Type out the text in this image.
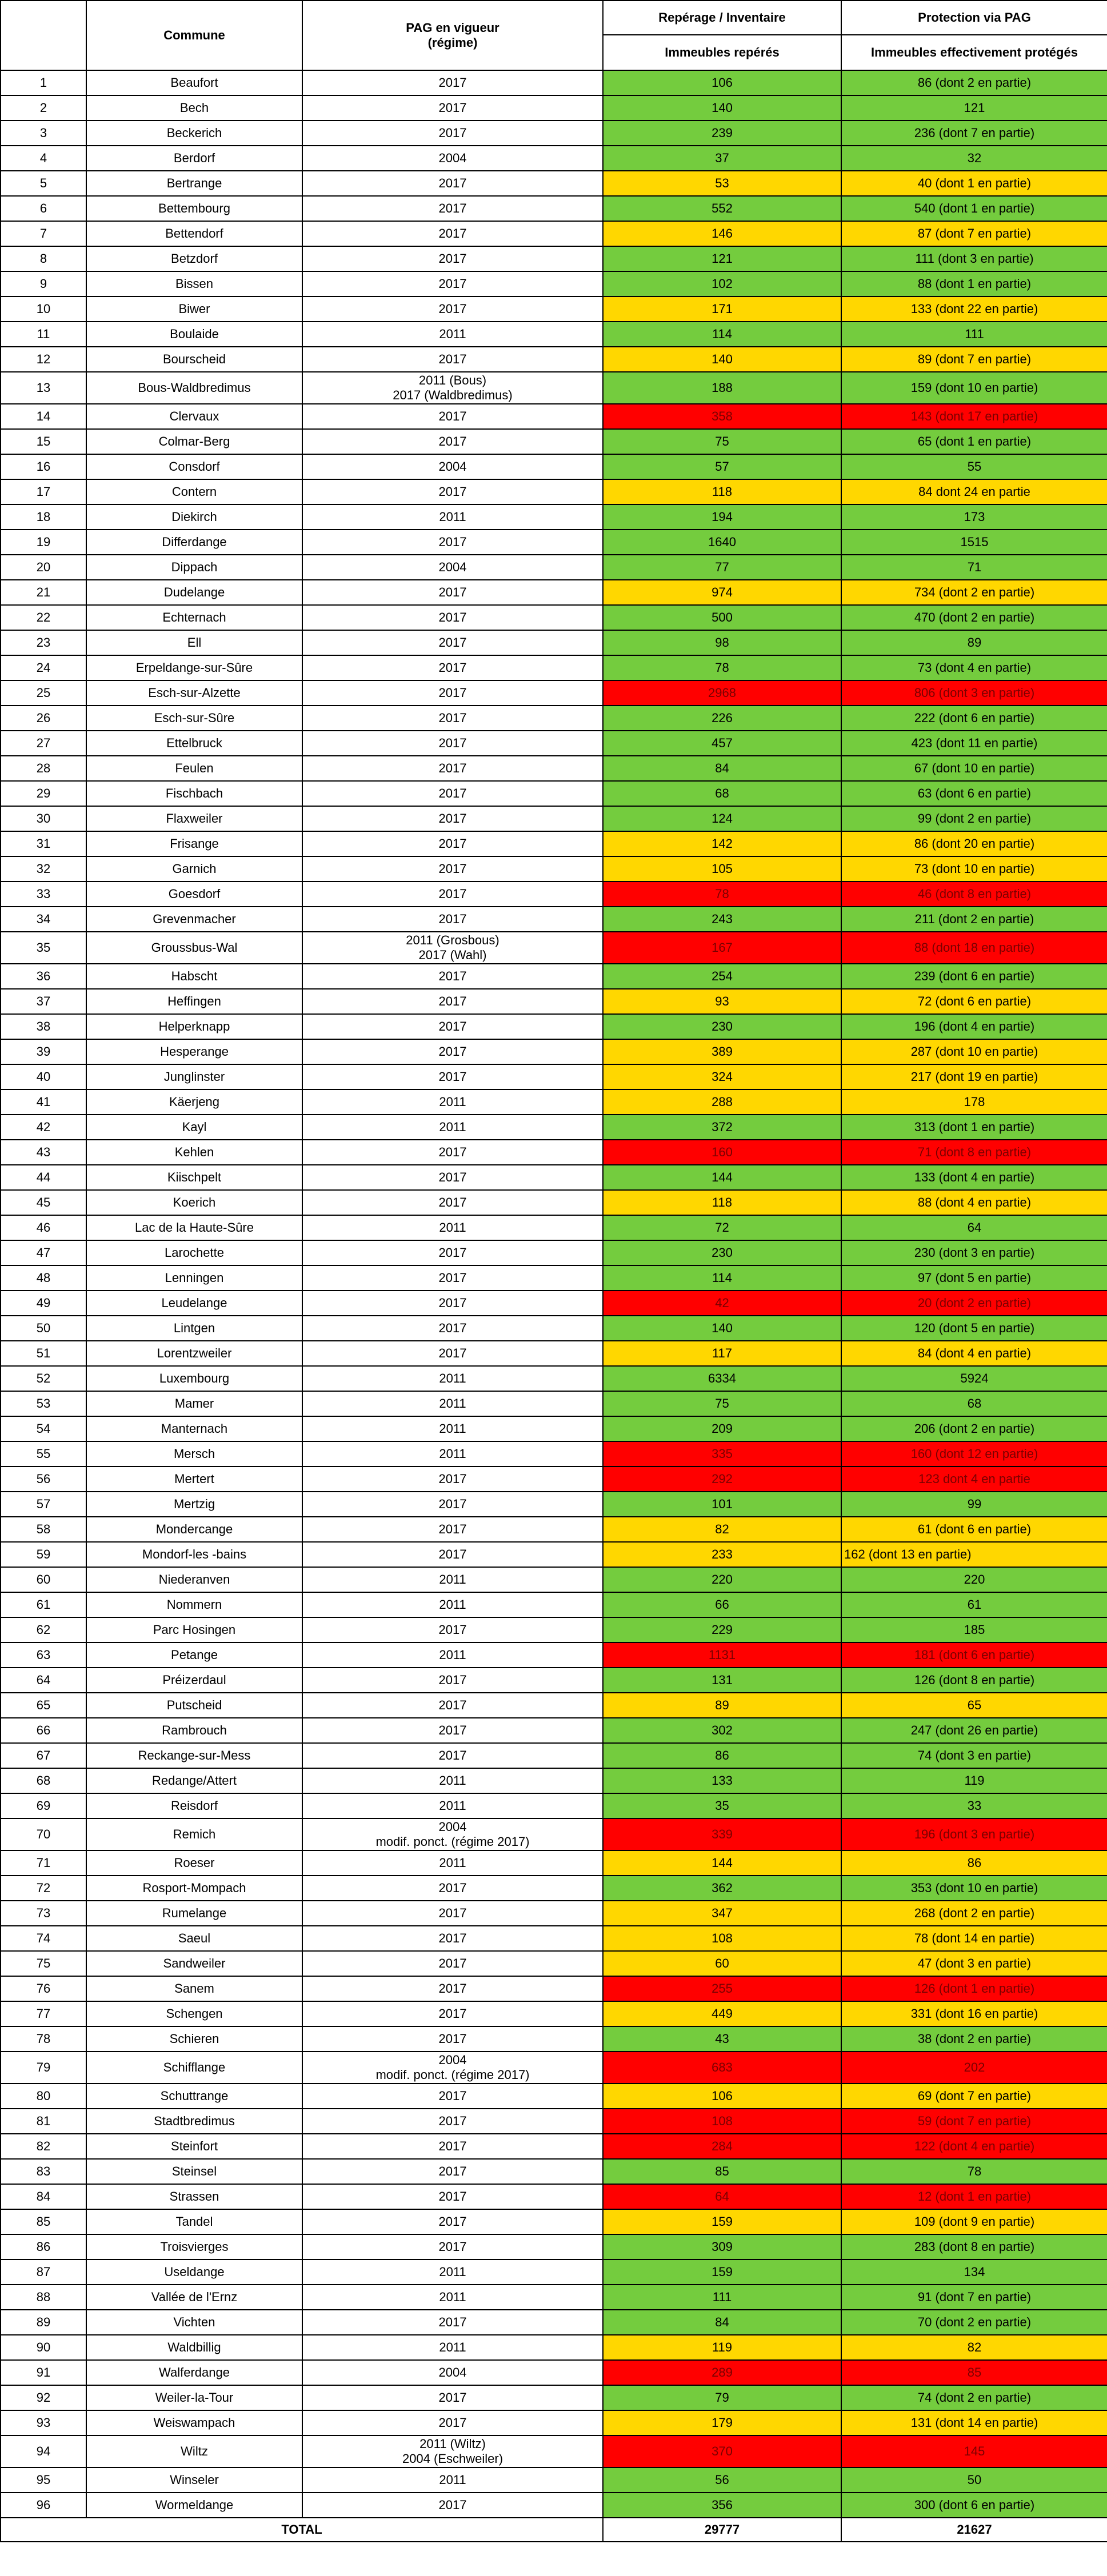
	Commune	PAG en vigueur
(régime)	Repérage / Inventaire	Protection via PAG
			Immeubles repérés	Immeubles effectivement protégés
1	Beaufort	2017	106	86 (dont 2 en partie)
2	Bech	2017	140	121
3	Beckerich	2017	239	236 (dont 7 en partie)
4	Berdorf	2004	37	32
5	Bertrange	2017	53	40 (dont 1 en partie)
6	Bettembourg	2017	552	540 (dont 1 en partie)
7	Bettendorf	2017	146	87 (dont 7 en partie)
8	Betzdorf	2017	121	111 (dont 3 en partie)
9	Bissen	2017	102	88 (dont 1 en partie)
10	Biwer	2017	171	133 (dont 22 en partie)
11	Boulaide	2011	114	111
12	Bourscheid	2017	140	89 (dont 7 en partie)
13	Bous-Waldbredimus	2011 (Bous)
2017 (Waldbredimus)	188	159 (dont 10 en partie)
14	Clervaux	2017	358	143 (dont 17 en partie)
15	Colmar-Berg	2017	75	65 (dont 1 en partie)
16	Consdorf	2004	57	55
17	Contern	2017	118	84 dont 24 en partie
18	Diekirch	2011	194	173
19	Differdange	2017	1640	1515
20	Dippach	2004	77	71
21	Dudelange	2017	974	734 (dont 2 en partie)
22	Echternach	2017	500	470 (dont 2 en partie)
23	Ell	2017	98	89
24	Erpeldange-sur-Sûre	2017	78	73 (dont 4 en partie)
25	Esch-sur-Alzette	2017	2968	806 (dont 3 en partie)
26	Esch-sur-Sûre	2017	226	222 (dont 6 en partie)
27	Ettelbruck	2017	457	423 (dont 11 en partie)
28	Feulen	2017	84	67 (dont 10 en partie)
29	Fischbach	2017	68	63 (dont 6 en partie)
30	Flaxweiler	2017	124	99 (dont 2 en partie)
31	Frisange	2017	142	86 (dont 20 en partie)
32	Garnich	2017	105	73 (dont 10 en partie)
33	Goesdorf	2017	78	46 (dont 8 en partie)
34	Grevenmacher	2017	243	211 (dont 2 en partie)
35	Groussbus-Wal	2011 (Grosbous)
2017 (Wahl)	167	88 (dont 18 en partie)
36	Habscht	2017	254	239 (dont 6 en partie)
37	Heffingen	2017	93	72 (dont 6 en partie)
38	Helperknapp	2017	230	196 (dont 4 en partie)
39	Hesperange	2017	389	287 (dont 10 en partie)
40	Junglinster	2017	324	217 (dont 19 en partie)
41	Käerjeng	2011	288	178
42	Kayl	2011	372	313 (dont 1 en partie)
43	Kehlen	2017	160	71 (dont 8 en partie)
44	Kiischpelt	2017	144	133 (dont 4 en partie)
45	Koerich	2017	118	88 (dont 4 en partie)
46	Lac de la Haute-Sûre	2011	72	64
47	Larochette	2017	230	230 (dont 3 en partie)
48	Lenningen	2017	114	97 (dont 5 en partie)
49	Leudelange	2017	42	20 (dont 2 en partie)
50	Lintgen	2017	140	120 (dont 5 en partie)
51	Lorentzweiler	2017	117	84 (dont 4 en partie)
52	Luxembourg	2011	6334	5924
53	Mamer	2011	75	68
54	Manternach	2011	209	206 (dont 2 en partie)
55	Mersch	2011	335	160 (dont 12 en partie)
56	Mertert	2017	292	123 dont 4 en partie
57	Mertzig	2017	101	99
58	Mondercange	2017	82	61 (dont 6 en partie)
59	Mondorf-les -bains	2017	233	162 (dont 13 en partie)
60	Niederanven	2011	220	220
61	Nommern	2011	66	61
62	Parc Hosingen	2017	229	185
63	Petange	2011	1131	181 (dont 6 en partie)
64	Préizerdaul	2017	131	126 (dont 8 en partie)
65	Putscheid	2017	89	65
66	Rambrouch	2017	302	247 (dont 26 en partie)
67	Reckange-sur-Mess	2017	86	74 (dont 3 en partie)
68	Redange/Attert	2011	133	119
69	Reisdorf	2011	35	33
70	Remich	2004
modif. ponct. (régime 2017)	339	196 (dont 3 en partie)
71	Roeser	2011	144	86
72	Rosport-Mompach	2017	362	353 (dont 10 en partie)
73	Rumelange	2017	347	268 (dont 2 en partie)
74	Saeul	2017	108	78 (dont 14 en partie)
75	Sandweiler	2017	60	47 (dont 3 en partie)
76	Sanem	2017	255	126 (dont 1 en partie)
77	Schengen	2017	449	331 (dont 16 en partie)
78	Schieren	2017	43	38 (dont 2 en partie)
79	Schifflange	2004
modif. ponct. (régime 2017)	683	202
80	Schuttrange	2017	106	69 (dont 7 en partie)
81	Stadtbredimus	2017	108	59 (dont 7 en partie)
82	Steinfort	2017	284	122 (dont 4 en partie)
83	Steinsel	2017	85	78
84	Strassen	2017	64	12 (dont 1 en partie)
85	Tandel	2017	159	109 (dont 9 en partie)
86	Troisvierges	2017	309	283 (dont 8 en partie)
87	Useldange	2011	159	134
88	Vallée de l'Ernz	2011	111	91 (dont 7 en partie)
89	Vichten	2017	84	70 (dont 2 en partie)
90	Waldbillig	2011	119	82
91	Walferdange	2004	289	85
92	Weiler-la-Tour	2017	79	74 (dont 2 en partie)
93	Weiswampach	2017	179	131 (dont 14 en partie)
94	Wiltz	2011 (Wiltz)
2004 (Eschweiler)	370	145
95	Winseler	2011	56	50
96	Wormeldange	2017	356	300 (dont 6 en partie)
TOTAL			29777	21627
